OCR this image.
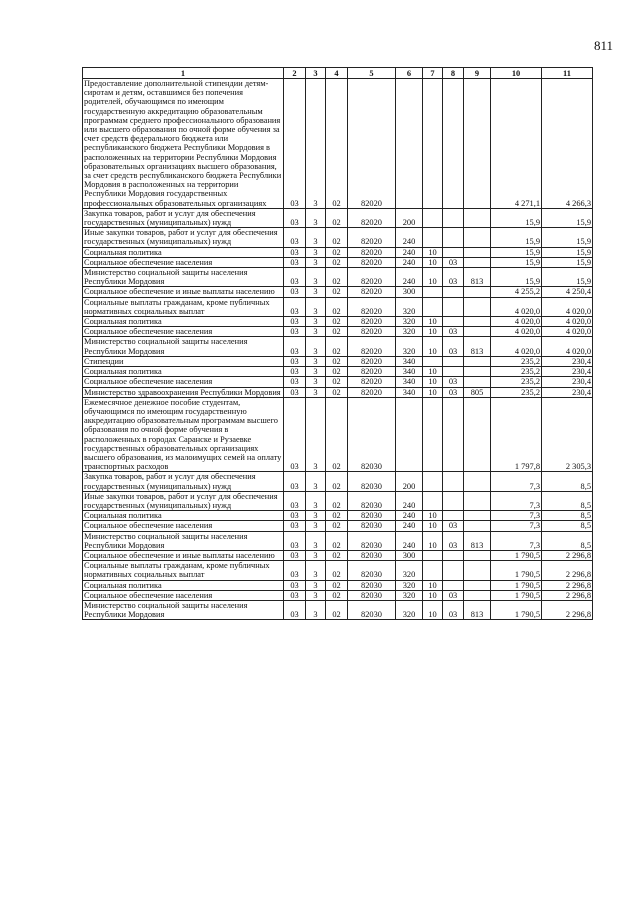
811
1	2	3	4	5	6	7	8	9	10	11
Предоставление дополнительной стипендии детям-сиротам и детям, оставшимся без попечения родителей, обучающимся по имеющим государственную аккредитацию образовательным программам среднего профессионального образования или высшего образования по очной форме обучения за счет средств федерального бюджета или республиканского бюджета Республики Мордовия в расположенных на территории Республики Мордовия образовательных организациях высшего образования, за счет средств республиканского бюджета Республики Мордовия в расположенных на территории Республики Мордовия государственных профессиональных образовательных организациях	03	3	02	82020					4 271,1	4 266,3
Закупка товаров, работ и услуг для обеспечения государственных (муниципальных) нужд	03	3	02	82020	200				15,9	15,9
Иные закупки товаров, работ и услуг для обеспечения государственных (муниципальных) нужд	03	3	02	82020	240				15,9	15,9
Социальная политика	03	3	02	82020	240	10			15,9	15,9
Социальное обеспечение населения	03	3	02	82020	240	10	03		15,9	15,9
Министерство социальной защиты населения Республики Мордовия	03	3	02	82020	240	10	03	813	15,9	15,9
Социальное обеспечение и иные выплаты населению	03	3	02	82020	300				4 255,2	4 250,4
Социальные выплаты гражданам, кроме публичных нормативных социальных выплат	03	3	02	82020	320				4 020,0	4 020,0
Социальная политика	03	3	02	82020	320	10			4 020,0	4 020,0
Социальное обеспечение населения	03	3	02	82020	320	10	03		4 020,0	4 020,0
Министерство социальной защиты населения Республики Мордовия	03	3	02	82020	320	10	03	813	4 020,0	4 020,0
Стипендии	03	3	02	82020	340				235,2	230,4
Социальная политика	03	3	02	82020	340	10			235,2	230,4
Социальное обеспечение населения	03	3	02	82020	340	10	03		235,2	230,4
Министерство здравоохранения Республики Мордовия	03	3	02	82020	340	10	03	805	235,2	230,4
Ежемесячное денежное пособие студентам, обучающимся по имеющим государственную аккредитацию образовательным программам высшего образования по очной форме обучения в расположенных в городах Саранске и Рузаевке государственных образовательных организациях высшего образования, из малоимущих семей на оплату транспортных расходов	03	3	02	82030					1 797,8	2 305,3
Закупка товаров, работ и услуг для обеспечения государственных (муниципальных) нужд	03	3	02	82030	200				7,3	8,5
Иные закупки товаров, работ и услуг для обеспечения государственных (муниципальных) нужд	03	3	02	82030	240				7,3	8,5
Социальная политика	03	3	02	82030	240	10			7,3	8,5
Социальное обеспечение населения	03	3	02	82030	240	10	03		7,3	8,5
Министерство социальной защиты населения Республики Мордовия	03	3	02	82030	240	10	03	813	7,3	8,5
Социальное обеспечение и иные выплаты населению	03	3	02	82030	300				1 790,5	2 296,8
Социальные выплаты гражданам, кроме публичных нормативных социальных выплат	03	3	02	82030	320				1 790,5	2 296,8
Социальная политика	03	3	02	82030	320	10			1 790,5	2 296,8
Социальное обеспечение населения	03	3	02	82030	320	10	03		1 790,5	2 296,8
Министерство социальной защиты населения Республики Мордовия	03	3	02	82030	320	10	03	813	1 790,5	2 296,8
